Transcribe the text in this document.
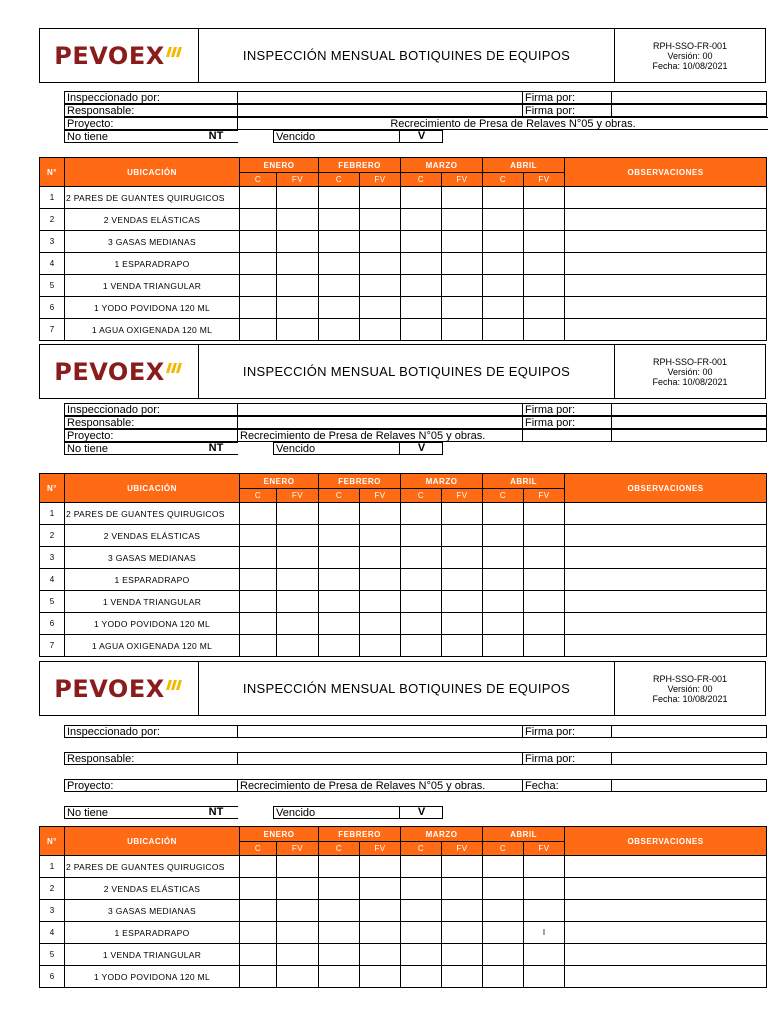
PEVOEX	INSPECCIÓN MENSUAL BOTIQUINES DE EQUIPOS
RPH-SSO-FR-001
Versión: 00
Fecha: 10/08/2021
Inspeccionado por:	Firma por:
Responsable:	Firma por:
Proyecto:	Recrecimiento de Presa de Relaves N°05 y obras.
No tiene	NT	Vencido	V
N°	UBICACIÓN	ENERO		FEBRERO		MARZO		ABRIL		OBSERVACIONES
		C	FV	C	FV	C	FV	C	FV	
1	2 PARES DE GUANTES QUIRUGICOS									
2	2 VENDAS ELÁSTICAS									
3	3 GASAS MEDIANAS									
4	1 ESPARADRAPO									
5	1 VENDA TRIANGULAR									
6	1 YODO POVIDONA 120 ML									
7	1 AGUA OXIGENADA 120 ML									
PEVOEX	INSPECCIÓN MENSUAL BOTIQUINES DE EQUIPOS
RPH-SSO-FR-001
Versión: 00
Fecha: 10/08/2021
Inspeccionado por:	Firma por:
Responsable:	Firma por:
Proyecto:	Recrecimiento de Presa de Relaves N°05 y obras.
No tiene	NT	Vencido	V
N°	UBICACIÓN	ENERO		FEBRERO		MARZO		ABRIL		OBSERVACIONES
		C	FV	C	FV	C	FV	C	FV	
1	2 PARES DE GUANTES QUIRUGICOS									
2	2 VENDAS ELÁSTICAS									
3	3 GASAS MEDIANAS									
4	1 ESPARADRAPO									
5	1 VENDA TRIANGULAR									
6	1 YODO POVIDONA 120 ML									
7	1 AGUA OXIGENADA 120 ML									
PEVOEX	INSPECCIÓN MENSUAL BOTIQUINES DE EQUIPOS
RPH-SSO-FR-001
Versión: 00
Fecha: 10/08/2021
Inspeccionado por:	Firma por:
Responsable:	Firma por:
Proyecto:	Recrecimiento de Presa de Relaves N°05 y obras.	Fecha:
No tiene	NT	Vencido	V
N°	UBICACIÓN	ENERO		FEBRERO		MARZO		ABRIL		OBSERVACIONES
		C	FV	C	FV	C	FV	C	FV	
1	2 PARES DE GUANTES QUIRUGICOS									
2	2 VENDAS ELÁSTICAS									
3	3 GASAS MEDIANAS									
4	1 ESPARADRAPO								I	
5	1 VENDA TRIANGULAR									
6	1 YODO POVIDONA 120 ML									
